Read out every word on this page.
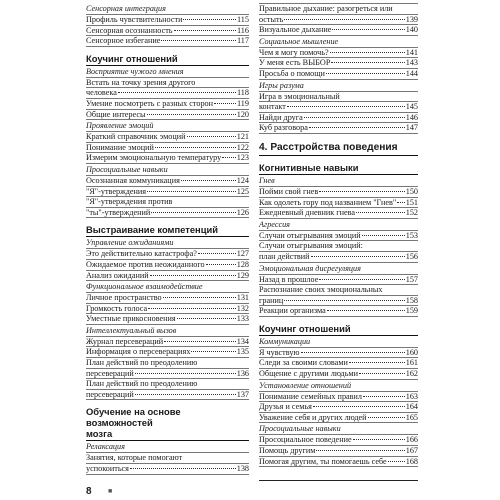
Сенсорная интеграция
Профиль чувствительности	115
Сенсорная осознанность	116
Сенсорное избегание	117
Коучинг отношений
Восприятие чужого мнения
Встать на точку зрения другого
человека	118
Умение посмотреть с разных сторон	119
Общие интересы	120
Проявление эмоций
Краткий справочник эмоций	121
Понимание эмоций	122
Измерим эмоциональную температуру 123
Просоциальные навыки
Осознанная коммуникация	124
"Я"-утверждения	125
"Я"-утверждения против
"ты"-утверждений	126
Выстраивание компетенций
Управление ожиданиями
Это действительно катастрофа?	127
Ожидаемое против неожиданного	128
Анализ ожиданий	129
Функциональное взаимодействие
Личное пространство	131
Громкость голоса	132
Уместные прикосновения	133
Интеллектуальный вызов
Журнал персевераций	134
Информация о персеверациях	135
План действий по преодолению
персевераций	136
План действий по преодолению
персевераций	137
Обучение на основе возможностей
мозга
Релаксация
Занятия, которые помогают
успокоиться	138
Правильное дыхание: разогреться или
остыть	139
Визуальное дыхание	140
Социальное мышление
Чем я могу помочь?	141
У меня есть ВЫБОР	143
Просьба о помощи	144
Игры разума
Игра в эмоциональный
контакт	145
Найди друга	146
Куб разговора	147
4. Расстройства поведения
Когнитивные навыки
Гнев
Пойми свой гнев	150
Как одолеть гору под названием "Гнев" 151
Ежедневный дневник гнева	152
Агрессия
Случаи отыгрывания эмоций	153
Случаи отыгрывания эмоций:
план действий	156
Эмоциональная дисрегуляция
Назад в прошлое	157
Распознание своих эмоциональных
границ	158
Реакции организма	159
Коучинг отношений
Коммуникации
Я чувствую	160
Следи за своими словами	161
Общение с другими людьми	162
Установление отношений
Понимание семейных правил	163
Друзья и семья	164
Уважение себя и других людей	165
Просоциальные навыки
Просоциальное поведение	166
Помощь другим	167
Помогая другим, ты помогаешь себе 168
8 ■
